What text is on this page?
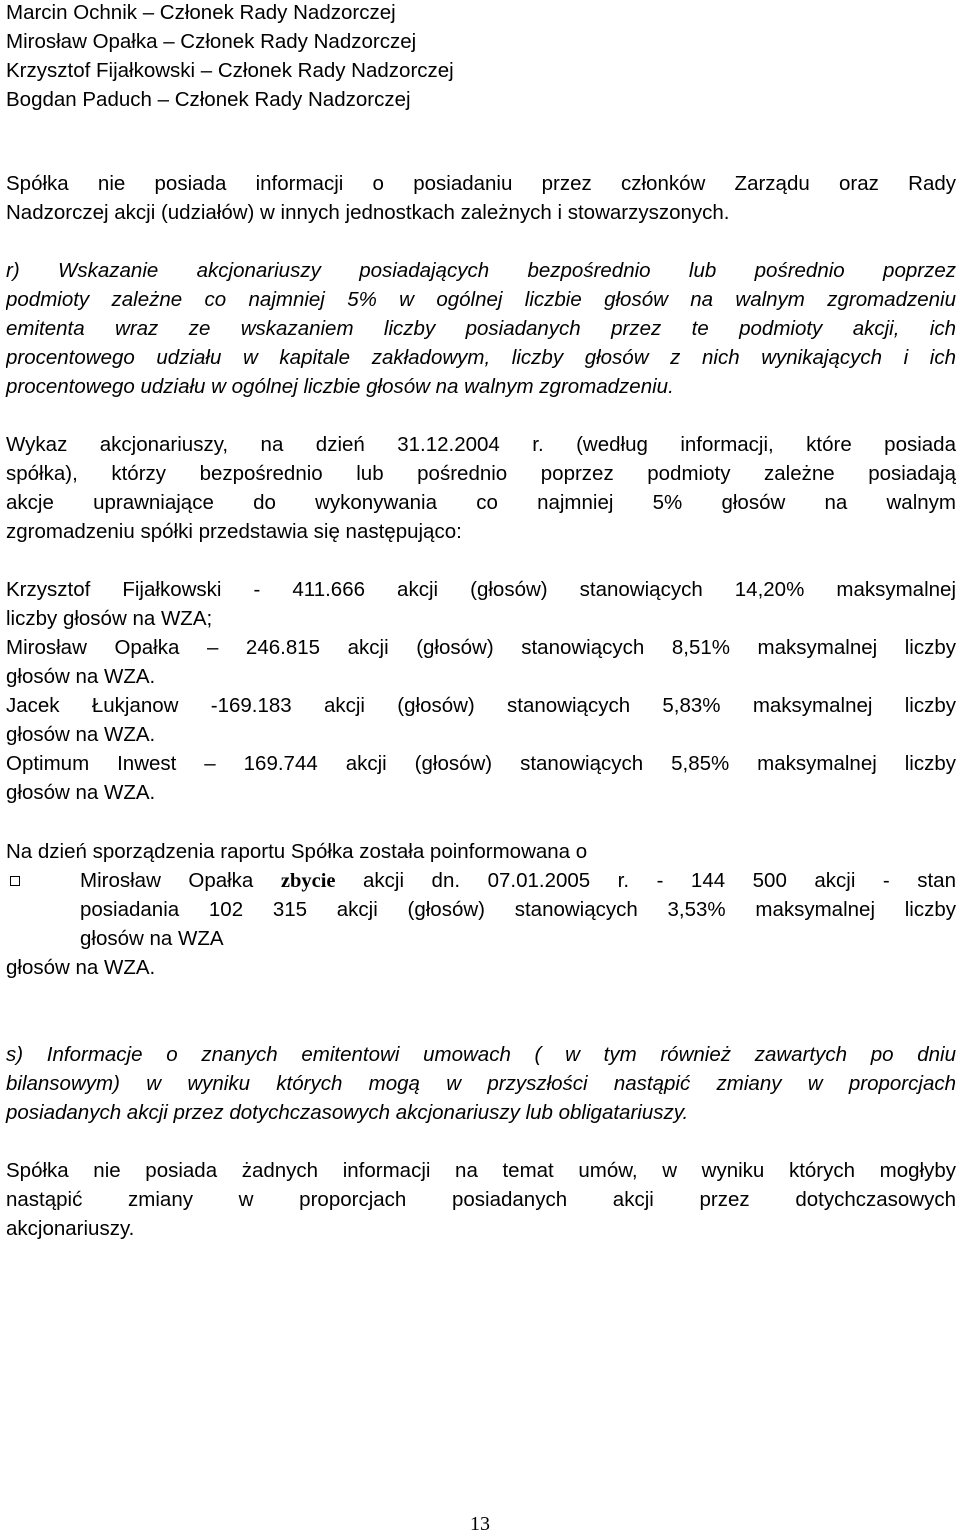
Marcin Ochnik – Członek Rady Nadzorczej
Mirosław Opałka – Członek Rady Nadzorczej
Krzysztof Fijałkowski – Członek Rady Nadzorczej
Bogdan Paduch – Członek Rady Nadzorczej
Spółka nie posiada informacji o posiadaniu przez członków Zarządu oraz Rady
Nadzorczej akcji (udziałów) w innych jednostkach zależnych i stowarzyszonych.
r) Wskazanie akcjonariuszy posiadających bezpośrednio lub pośrednio poprzez
podmioty zależne co najmniej 5% w ogólnej liczbie głosów na walnym zgromadzeniu
emitenta wraz ze wskazaniem liczby posiadanych przez te podmioty akcji, ich
procentowego udziału w kapitale zakładowym, liczby głosów z nich wynikających i ich
procentowego udziału w ogólnej liczbie głosów na walnym zgromadzeniu.
Wykaz akcjonariuszy, na dzień 31.12.2004 r. (według informacji, które posiada
spółka), którzy bezpośrednio lub pośrednio poprzez podmioty zależne posiadają
akcje uprawniające do wykonywania co najmniej 5% głosów na walnym
zgromadzeniu spółki przedstawia się następująco:
Krzysztof Fijałkowski - 411.666 akcji (głosów) stanowiących 14,20% maksymalnej
liczby głosów na WZA;
Mirosław Opałka – 246.815 akcji (głosów) stanowiących 8,51% maksymalnej liczby
głosów na WZA.
Jacek Łukjanow -169.183 akcji (głosów) stanowiących 5,83% maksymalnej liczby
głosów na WZA.
Optimum Inwest – 169.744 akcji (głosów) stanowiących 5,85% maksymalnej liczby
głosów na WZA.
Na dzień sporządzenia raportu Spółka została poinformowana o
Mirosław Opałka zbycie akcji dn. 07.01.2005 r. - 144 500 akcji - stan
posiadania 102 315 akcji (głosów) stanowiących 3,53% maksymalnej liczby
głosów na WZA
głosów na WZA.
s) Informacje o znanych emitentowi umowach ( w tym również zawartych po dniu
bilansowym) w wyniku których mogą w przyszłości nastąpić zmiany w proporcjach
posiadanych akcji przez dotychczasowych akcjonariuszy lub obligatariuszy.
Spółka nie posiada żadnych informacji na temat umów, w wyniku których mogłyby
nastąpić zmiany w proporcjach posiadanych akcji przez dotychczasowych
akcjonariuszy.
13
